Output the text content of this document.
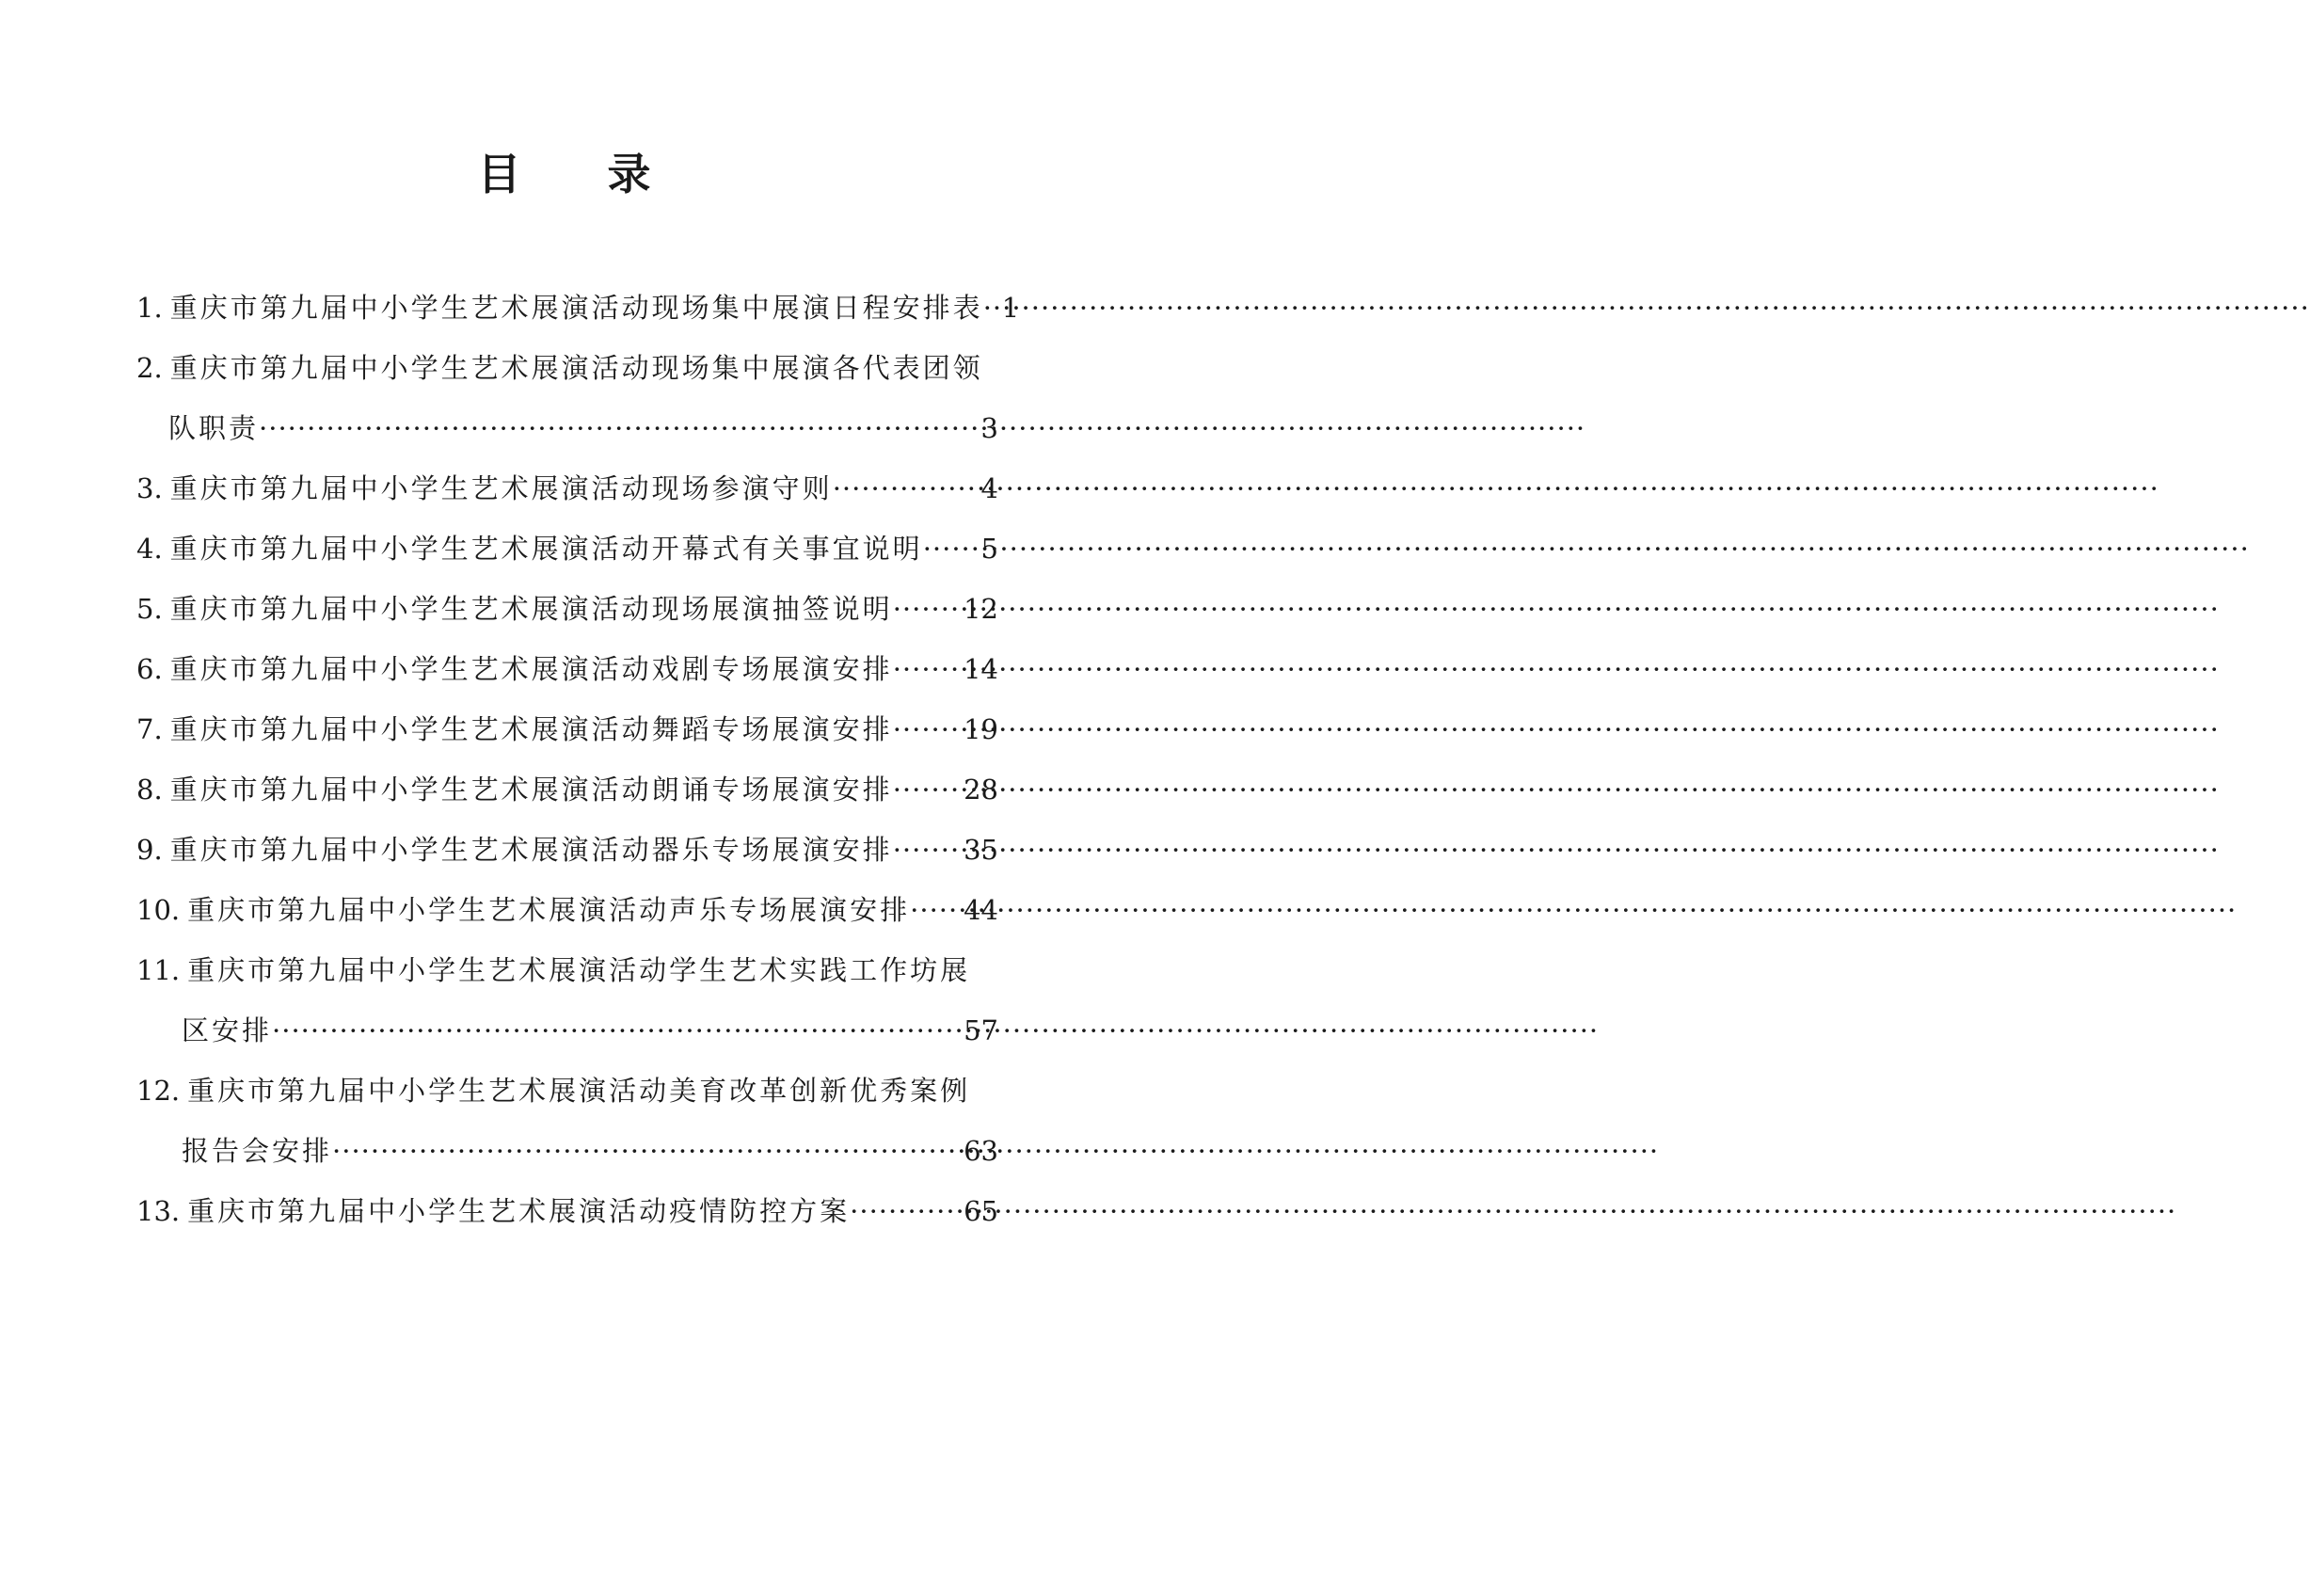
目 录
1. 重庆市第九届中小学生艺术展演活动现场集中展演日程安排表 ····· 1
2. 重庆市第九届中小学生艺术展演活动现场集中展演各代表团领
队职责 ·····	3
3. 重庆市第九届中小学生艺术展演活动现场参演守则 ·····	4
4. 重庆市第九届中小学生艺术展演活动开幕式有关事宜说明 ····· 5
5. 重庆市第九届中小学生艺术展演活动现场展演抽签说明 ·····	12
6. 重庆市第九届中小学生艺术展演活动戏剧专场展演安排 ·····	14
7. 重庆市第九届中小学生艺术展演活动舞蹈专场展演安排 ·····	19
8. 重庆市第九届中小学生艺术展演活动朗诵专场展演安排 ·····	28
9. 重庆市第九届中小学生艺术展演活动器乐专场展演安排 ·····	35
10. 重庆市第九届中小学生艺术展演活动声乐专场展演安排 ····· 44
11. 重庆市第九届中小学生艺术展演活动学生艺术实践工作坊展
区安排 ·····	57
12. 重庆市第九届中小学生艺术展演活动美育改革创新优秀案例
报告会安排 ·····	63
13. 重庆市第九届中小学生艺术展演活动疫情防控方案 ·····	65
